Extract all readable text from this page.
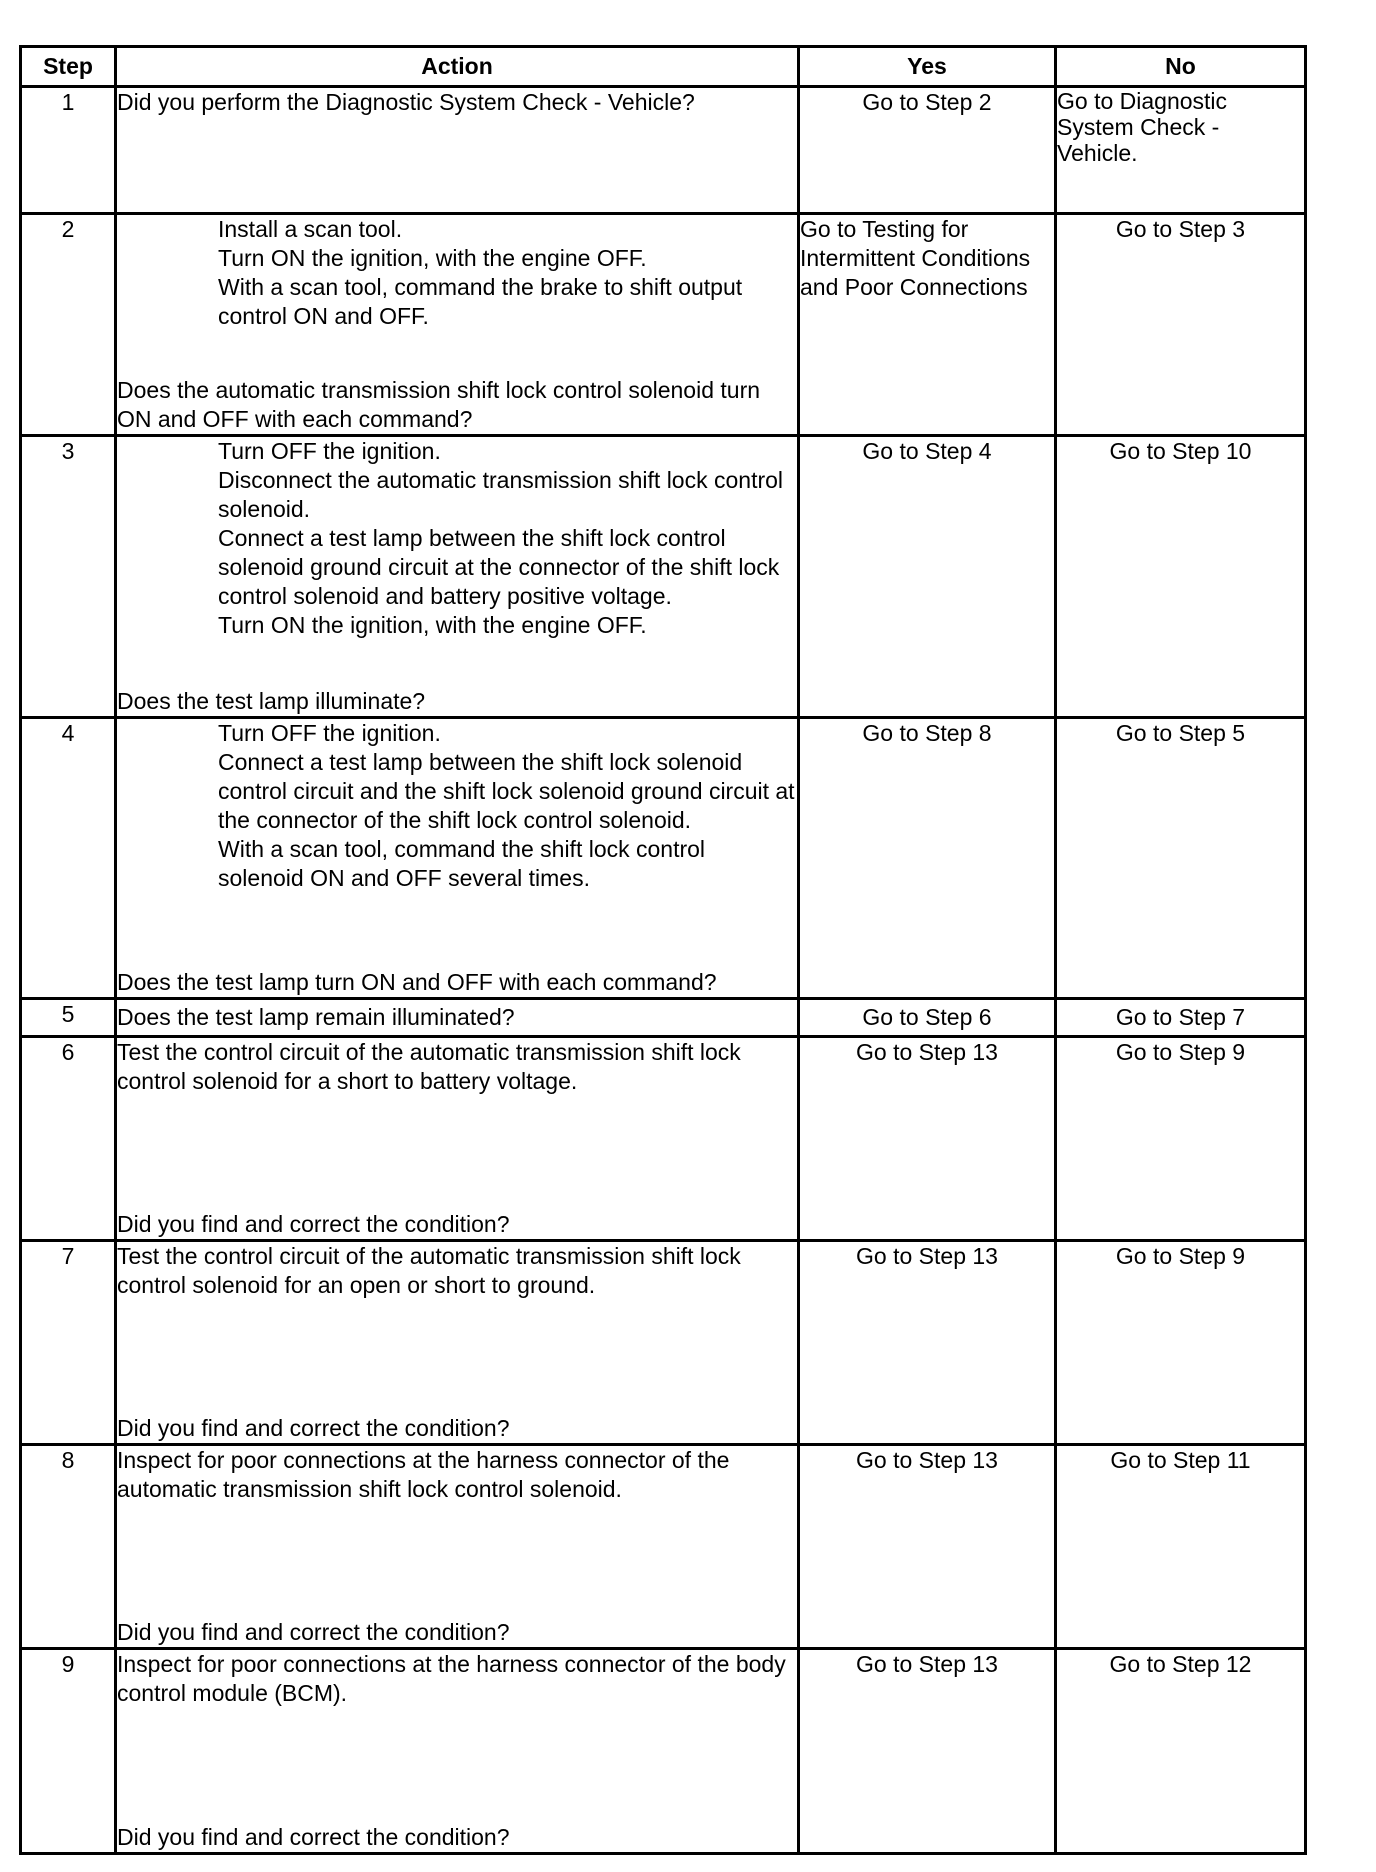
Step	Action	Yes	No
1	Did you perform the Diagnostic System Check - Vehicle?	Go to Step 2	Go to Diagnostic System Check - Vehicle.
2	Install a scan tool.
Turn ON the ignition, with the engine OFF.
With a scan tool, command the brake to shift output control ON and OFF.
Does the automatic transmission shift lock control solenoid turn ON and OFF with each command?	Go to Testing for Intermittent Conditions and Poor Connections	Go to Step 3
3	Turn OFF the ignition.
Disconnect the automatic transmission shift lock control solenoid.
Connect a test lamp between the shift lock control solenoid ground circuit at the connector of the shift lock control solenoid and battery positive voltage.
Turn ON the ignition, with the engine OFF.
Does the test lamp illuminate?	Go to Step 4	Go to Step 10
4	Turn OFF the ignition.
Connect a test lamp between the shift lock solenoid control circuit and the shift lock solenoid ground circuit at the connector of the shift lock control solenoid.
With a scan tool, command the shift lock control solenoid ON and OFF several times.
Does the test lamp turn ON and OFF with each command?	Go to Step 8	Go to Step 5
5	Does the test lamp remain illuminated?	Go to Step 6	Go to Step 7
6	Test the control circuit of the automatic transmission shift lock control solenoid for a short to battery voltage.
Did you find and correct the condition?	Go to Step 13	Go to Step 9
7	Test the control circuit of the automatic transmission shift lock control solenoid for an open or short to ground.
Did you find and correct the condition?	Go to Step 13	Go to Step 9
8	Inspect for poor connections at the harness connector of the automatic transmission shift lock control solenoid.
Did you find and correct the condition?	Go to Step 13	Go to Step 11
9	Inspect for poor connections at the harness connector of the body control module (BCM).
Did you find and correct the condition?	Go to Step 13	Go to Step 12
